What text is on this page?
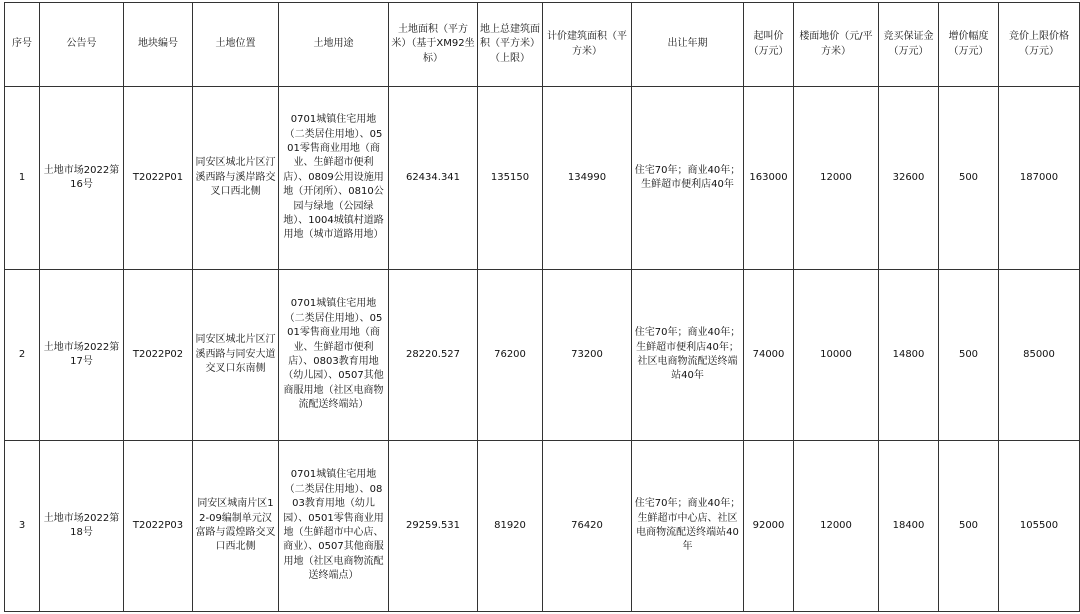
序号	公告号	地块编号	土地位置	土地用途	土地面积（平方米）（基于XM92坐标）	地上总建筑面积（平方米）（上限）	计价建筑面积（平方米）	出让年期	起叫价（万元）	楼面地价（元/平方米）	竞买保证金（万元）	增价幅度（万元）	竞价上限价格（万元）
1	土地市场2022第16号	T2022P01	同安区城北片区汀溪西路与溪岸路交叉口西北侧	0701城镇住宅用地（二类居住用地）、0501零售商业用地（商业、生鲜超市便利店）、0809公用设施用地（开闭所）、0810公园与绿地（公园绿地）、1004城镇村道路用地（城市道路用地）	62434.341	135150	134990	住宅70年；商业40年；生鲜超市便利店40年	163000	12000	32600	500	187000
2	土地市场2022第17号	T2022P02	同安区城北片区汀溪西路与同安大道交叉口东南侧	0701城镇住宅用地（二类居住用地）、0501零售商业用地（商业、生鲜超市便利店）、0803教育用地（幼儿园）、0507其他商服用地（社区电商物流配送终端站）	28220.527	76200	73200	住宅70年；商业40年；生鲜超市便利店40年；社区电商物流配送终端站40年	74000	10000	14800	500	85000
3	土地市场2022第18号	T2022P03	同安区城南片区12-09编制单元汉富路与霞煌路交叉口西北侧	0701城镇住宅用地（二类居住用地）、0803教育用地（幼儿园）、0501零售商业用地（生鲜超市中心店、商业）、0507其他商服用地（社区电商物流配送终端点）	29259.531	81920	76420	住宅70年；商业40年；生鲜超市中心店、社区电商物流配送终端站40年	92000	12000	18400	500	105500
